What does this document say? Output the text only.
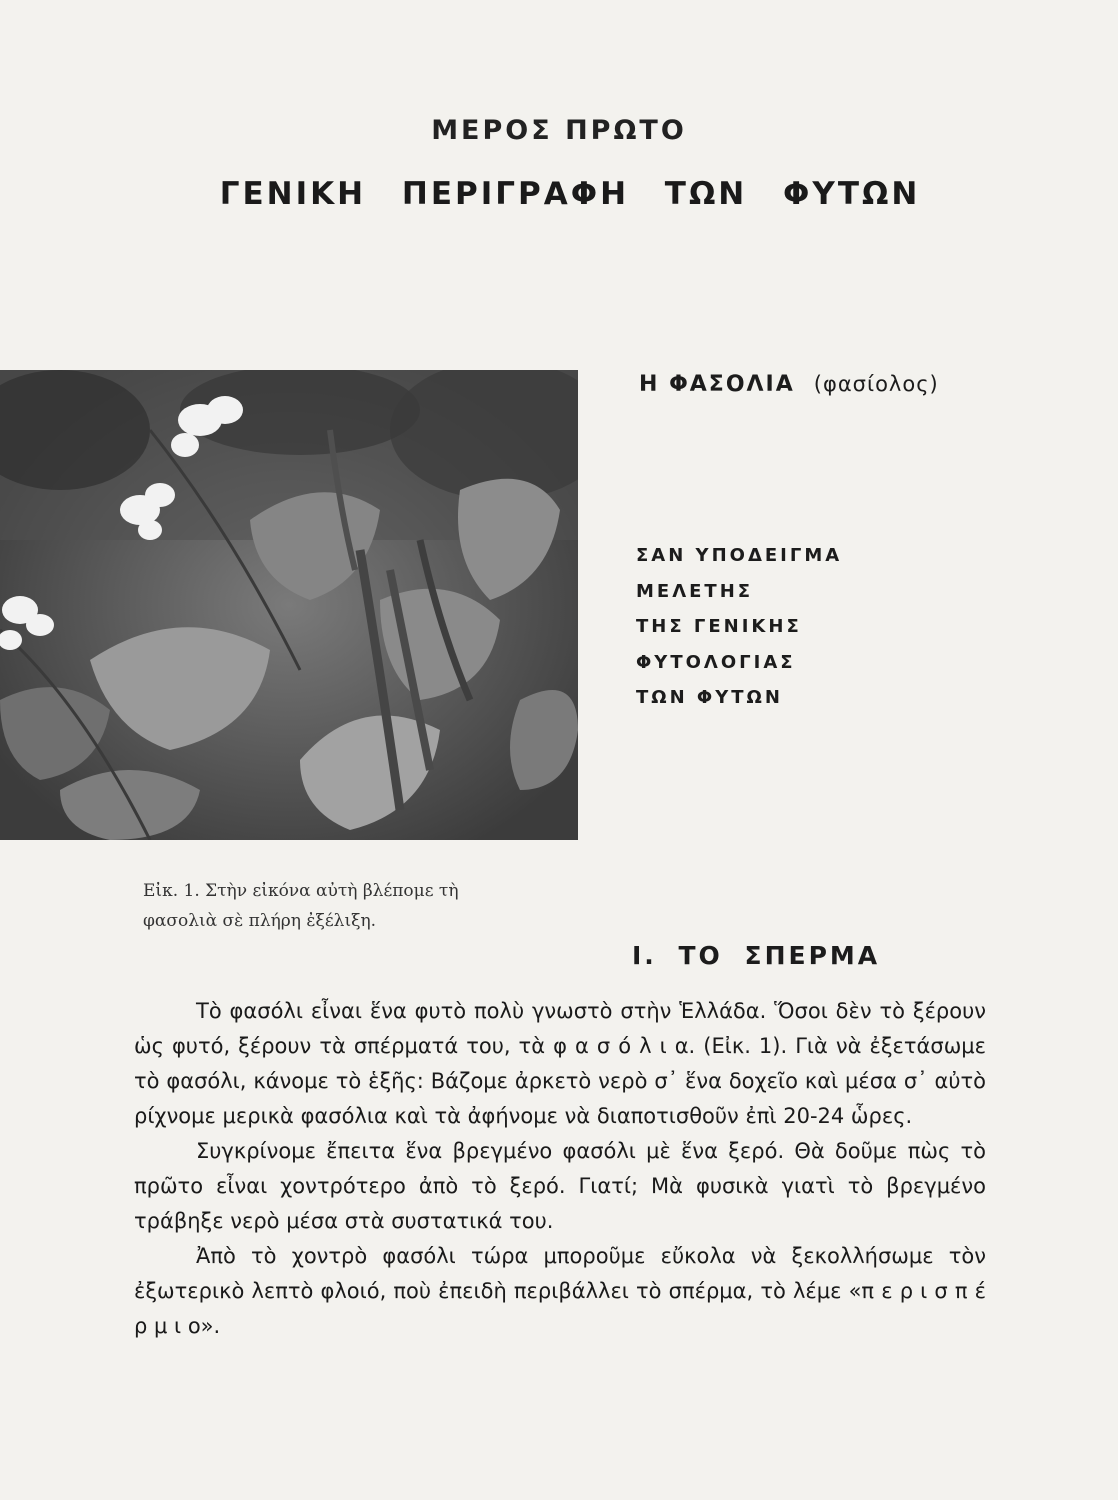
ΜΕΡΟΣ ΠΡΩΤΟ
ΓΕΝΙΚΗ ΠΕΡΙΓΡΑΦΗ ΤΩΝ ΦΥΤΩΝ
Εἰκ. 1. Στὴν εἰκόνα αὐτὴ βλέπομε τὴ
φασολιὰ σὲ πλήρη ἐξέλιξη.
Η ΦΑΣΟΛΙΑ (φασίολος)
ΣΑΝ ΥΠΟΔΕΙΓΜΑ
ΜΕΛΕΤΗΣ
ΤΗΣ ΓΕΝΙΚΗΣ
ΦΥΤΟΛΟΓΙΑΣ
ΤΩΝ ΦΥΤΩΝ
Ι. ΤΟ ΣΠΕΡΜΑ

Τὸ φασόλι εἶναι ἕνα φυτὸ πολὺ γνωστὸ στὴν Ἑλλάδα. Ὅσοι δὲν τὸ ξέρουν ὡς φυτό, ξέρουν τὰ σπέρματά του, τὰ φ α σ ό λ ι α. (Εἰκ. 1). Γιὰ νὰ ἐξετάσωμε τὸ φασόλι, κάνομε τὸ ἑξῆς: Βάζομε ἀρκετὸ νερὸ σ᾽ ἕνα δοχεῖο καὶ μέσα σ᾽ αὐτὸ ρίχνομε μερικὰ φασόλια καὶ τὰ ἀφήνομε νὰ διαποτισθοῦν ἐπὶ 20-24 ὧρες.

Συγκρίνομε ἔπειτα ἕνα βρεγμένο φασόλι μὲ ἕνα ξερό. Θὰ δοῦμε πὼς τὸ πρῶτο εἶναι χοντρότερο ἀπὸ τὸ ξερό. Γιατί; Μὰ φυσικὰ γιατὶ τὸ βρεγμένο τράβηξε νερὸ μέσα στὰ συστατικά του.

Ἀπὸ τὸ χοντρὸ φασόλι τώρα μποροῦμε εὔκολα νὰ ξεκολλήσωμε τὸν ἐξωτερικὸ λεπτὸ φλοιό, ποὺ ἐπειδὴ περιβάλλει τὸ σπέρμα, τὸ λέμε «π ε ρ ι σ π έ ρ μ ι ο».
